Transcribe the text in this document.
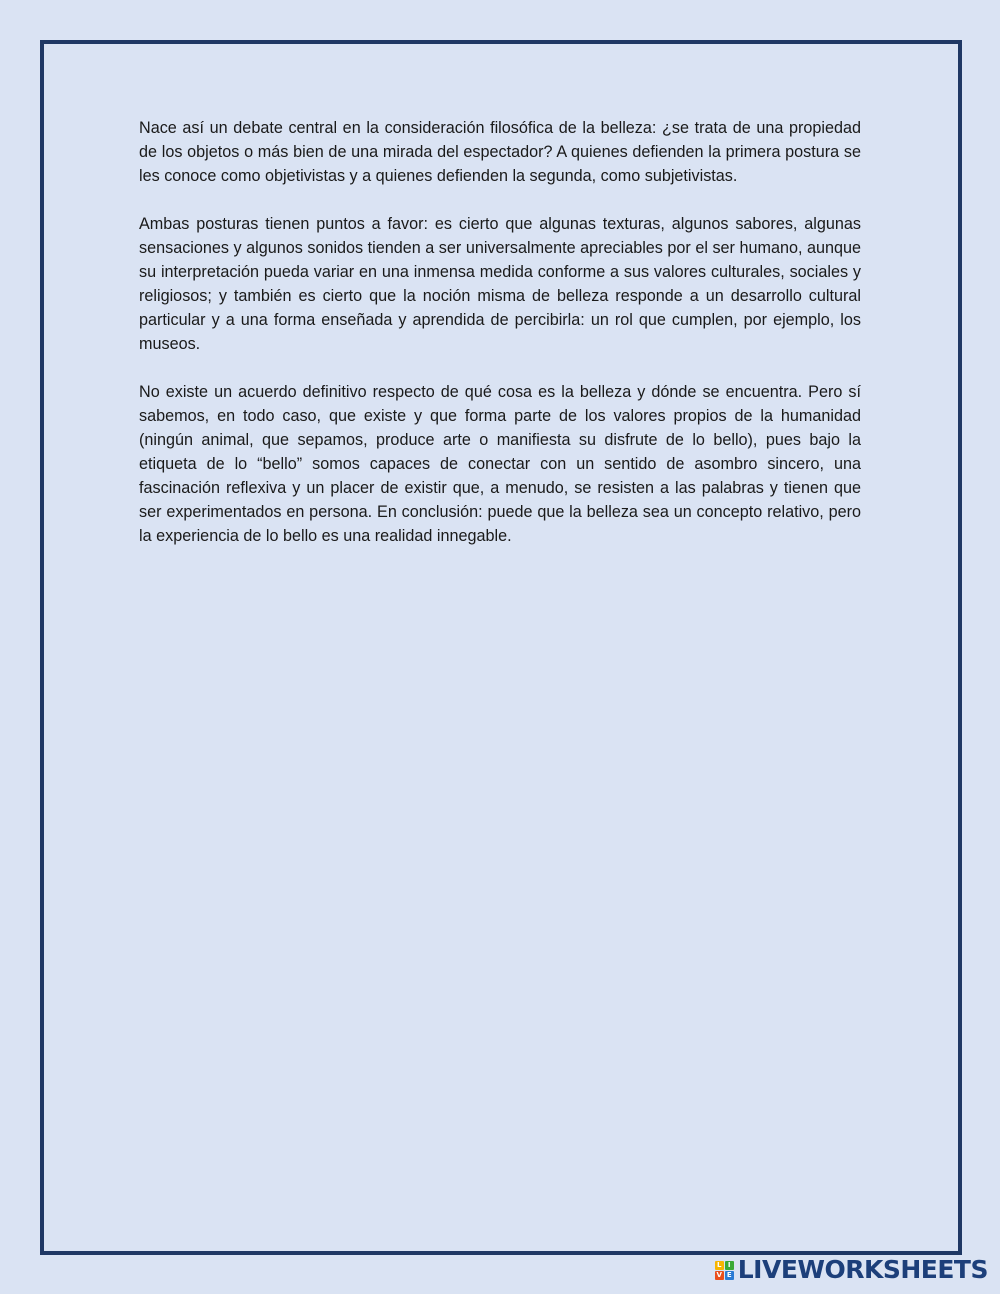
Nace así un debate central en la consideración filosófica de la belleza: ¿se trata de una propiedad de los objetos o más bien de una mirada del espectador? A quienes defienden la primera postura se les conoce como objetivistas y a quienes defienden la segunda, como subjetivistas.

Ambas posturas tienen puntos a favor: es cierto que algunas texturas, algunos sabores, algunas sensaciones y algunos sonidos tienden a ser universalmente apreciables por el ser humano, aunque su interpretación pueda variar en una inmensa medida conforme a sus valores culturales, sociales y religiosos; y también es cierto que la noción misma de belleza responde a un desarrollo cultural particular y a una forma enseñada y aprendida de percibirla: un rol que cumplen, por ejemplo, los museos.

No existe un acuerdo definitivo respecto de qué cosa es la belleza y dónde se encuentra. Pero sí sabemos, en todo caso, que existe y que forma parte de los valores propios de la humanidad (ningún animal, que sepamos, produce arte o manifiesta su disfrute de lo bello), pues bajo la etiqueta de lo “bello” somos capaces de conectar con un sentido de asombro sincero, una fascinación reflexiva y un placer de existir que, a menudo, se resisten a las palabras y tienen que ser experimentados en persona. En conclusión: puede que la belleza sea un concepto relativo, pero la experiencia de lo bello es una realidad innegable.

L I
V E LIVEWORKSHEETS
